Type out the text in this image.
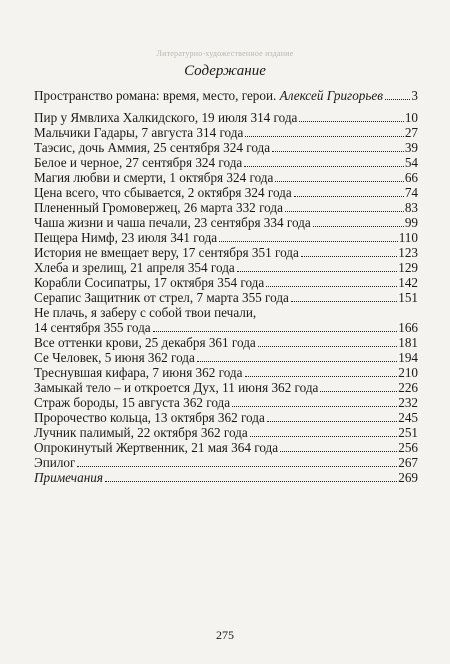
Литературно-художественное издание
Содержание
Пространство романа: время, место, герои. Алексей Григорьев 3
Пир у Ямвлиха Халкидского, 19 июля 314 года	10
Мальчики Гадары, 7 августа 314 года	27
Таэсис, дочь Аммия, 25 сентября 324 года	39
Белое и черное, 27 сентября 324 года	54
Магия любви и смерти, 1 октября 324 года	66
Цена всего, что сбывается, 2 октября 324 года	74
Плененный Громовержец, 26 марта 332 года	83
Чаша жизни и чаша печали, 23 сентября 334 года	99
Пещера Нимф, 23 июля 341 года	110
История не вмещает веру, 17 сентября 351 года	123
Хлеба и зрелищ, 21 апреля 354 года	129
Корабли Сосипатры, 17 октября 354 года	142
Серапис Защитник от стрел, 7 марта 355 года	151
Не плачь, я заберу с собой твои печали,
14 сентября 355 года	166
Все оттенки крови, 25 декабря 361 года	181
Се Человек, 5 июня 362 года	194
Треснувшая кифара, 7 июня 362 года	210
Замыкай тело – и откроется Дух, 11 июня 362 года	226
Страж бороды, 15 августа 362 года	232
Пророчество кольца, 13 октября 362 года	245
Лучник палимый, 22 октября 362 года	251
Опрокинутый Жертвенник, 21 мая 364 года	256
Эпилог	267
Примечания	269
275
